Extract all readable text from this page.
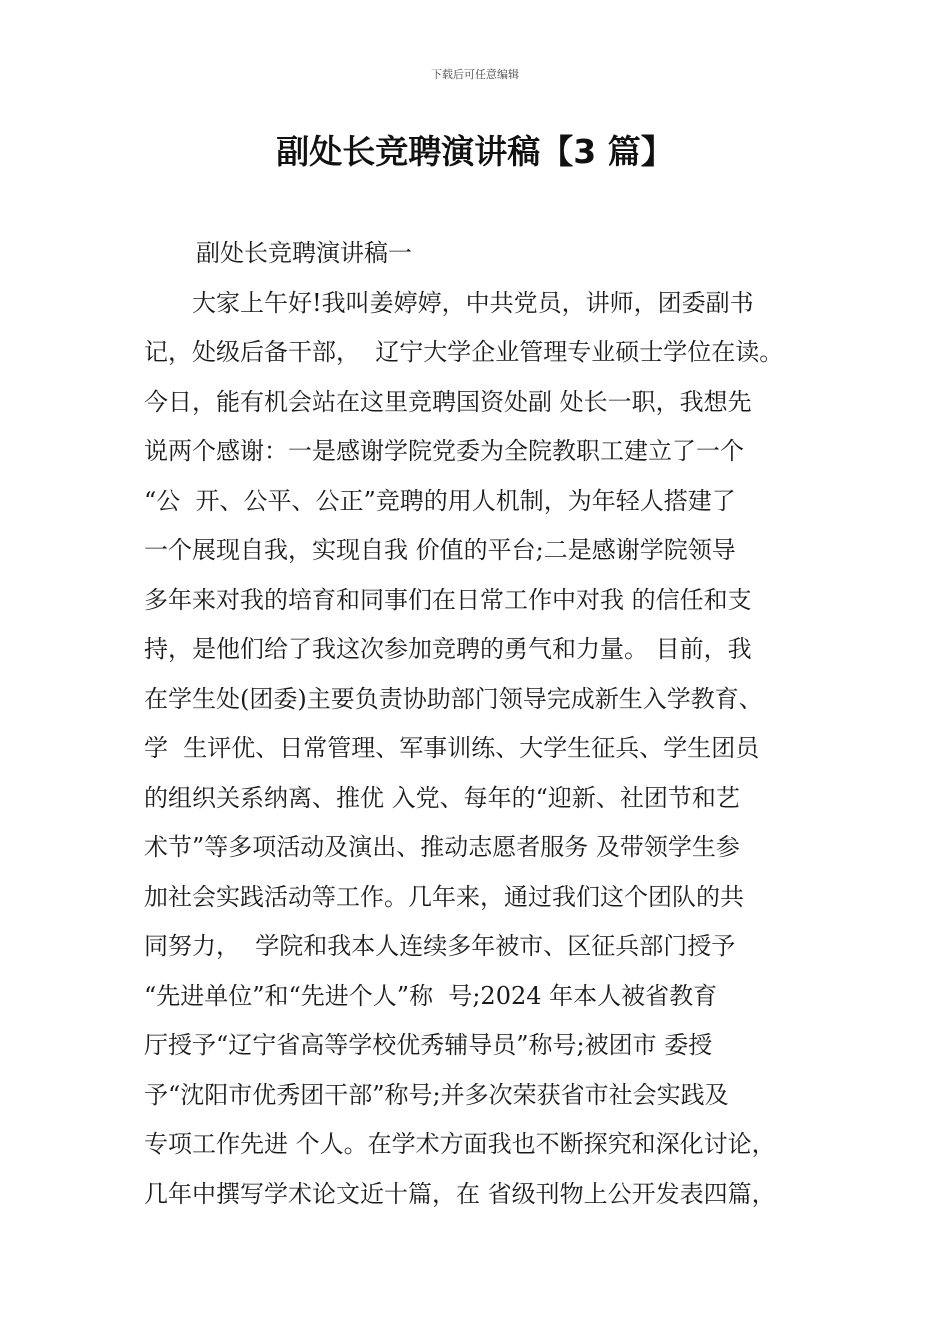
下载后可任意编辑
副处长竞聘演讲稿【3 篇】
副处长竞聘演讲稿一
　　大家上午好!我叫姜婷婷，中共党员，讲师，团委副书
记，处级后备干部，  辽宁大学企业管理专业硕士学位在读。
今日，能有机会站在这里竞聘国资处副 处长一职，我想先
说两个感谢：一是感谢学院党委为全院教职工建立了一个
“公  开、公平、公正”竞聘的用人机制，为年轻人搭建了
一个展现自我，实现自我 价值的平台;二是感谢学院领导
多年来对我的培育和同事们在日常工作中对我 的信任和支
持，是他们给了我这次参加竞聘的勇气和力量。 目前，我
在学生处(团委)主要负责协助部门领导完成新生入学教育、
学  生评优、日常管理、军事训练、大学生征兵、学生团员
的组织关系纳离、推优 入党、每年的“迎新、社团节和艺
术节”等多项活动及演出、推动志愿者服务 及带领学生参
加社会实践活动等工作。几年来，通过我们这个团队的共
同努力，  学院和我本人连续多年被市、区征兵部门授予
“先进单位”和“先进个人”称  号;2024 年本人被省教育
厅授予“辽宁省高等学校优秀辅导员”称号;被团市 委授
予“沈阳市优秀团干部”称号;并多次荣获省市社会实践及
专项工作先进 个人。在学术方面我也不断探究和深化讨论，
几年中撰写学术论文近十篇，在 省级刊物上公开发表四篇，
